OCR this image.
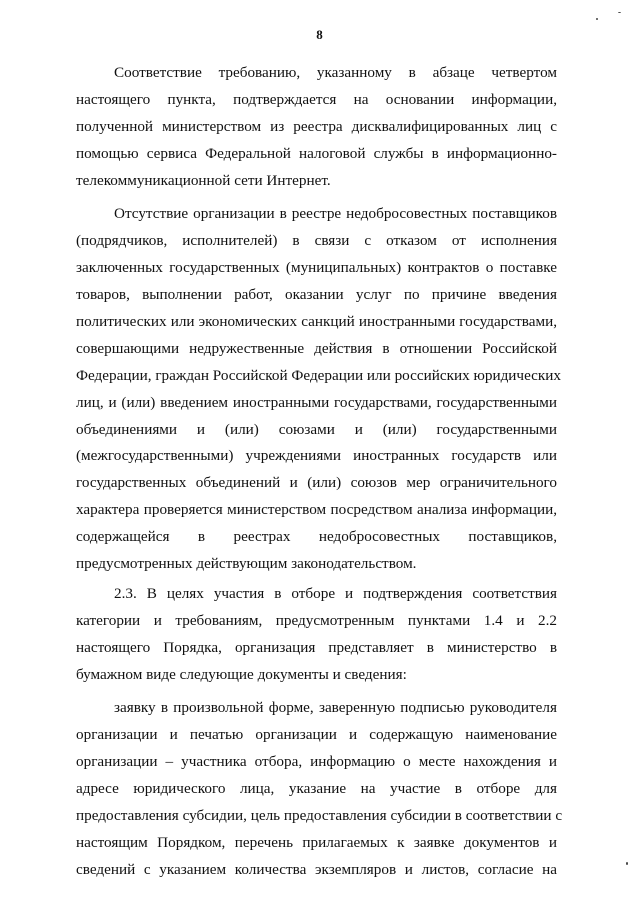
8
Соответствие требованию, указанному в абзаце четвертом
настоящего пункта, подтверждается на основании информации,
полученной министерством из реестра дисквалифицированных лиц с
помощью сервиса Федеральной налоговой службы в информационно-
телекоммуникационной сети Интернет.
Отсутствие организации в реестре недобросовестных поставщиков
(подрядчиков, исполнителей) в связи с отказом от исполнения
заключенных государственных (муниципальных) контрактов о поставке
товаров, выполнении работ, оказании услуг по причине введения
политических или экономических санкций иностранными государствами,
совершающими недружественные действия в отношении Российской
Федерации, граждан Российской Федерации или российских юридических
лиц, и (или) введением иностранными государствами, государственными
объединениями и (или) союзами и (или) государственными
(межгосударственными) учреждениями иностранных государств или
государственных объединений и (или) союзов мер ограничительного
характера проверяется министерством посредством анализа информации,
содержащейся в реестрах недобросовестных поставщиков,
предусмотренных действующим законодательством.
2.3. В целях участия в отборе и подтверждения соответствия
категории и требованиям, предусмотренным пунктами 1.4 и 2.2
настоящего Порядка, организация представляет в министерство в
бумажном виде следующие документы и сведения:
заявку в произвольной форме, заверенную подписью руководителя
организации и печатью организации и содержащую наименование
организации – участника отбора, информацию о месте нахождения и
адресе юридического лица, указание на участие в отборе для
предоставления субсидии, цель предоставления субсидии в соответствии с
настоящим Порядком, перечень прилагаемых к заявке документов и
сведений с указанием количества экземпляров и листов, согласие на
